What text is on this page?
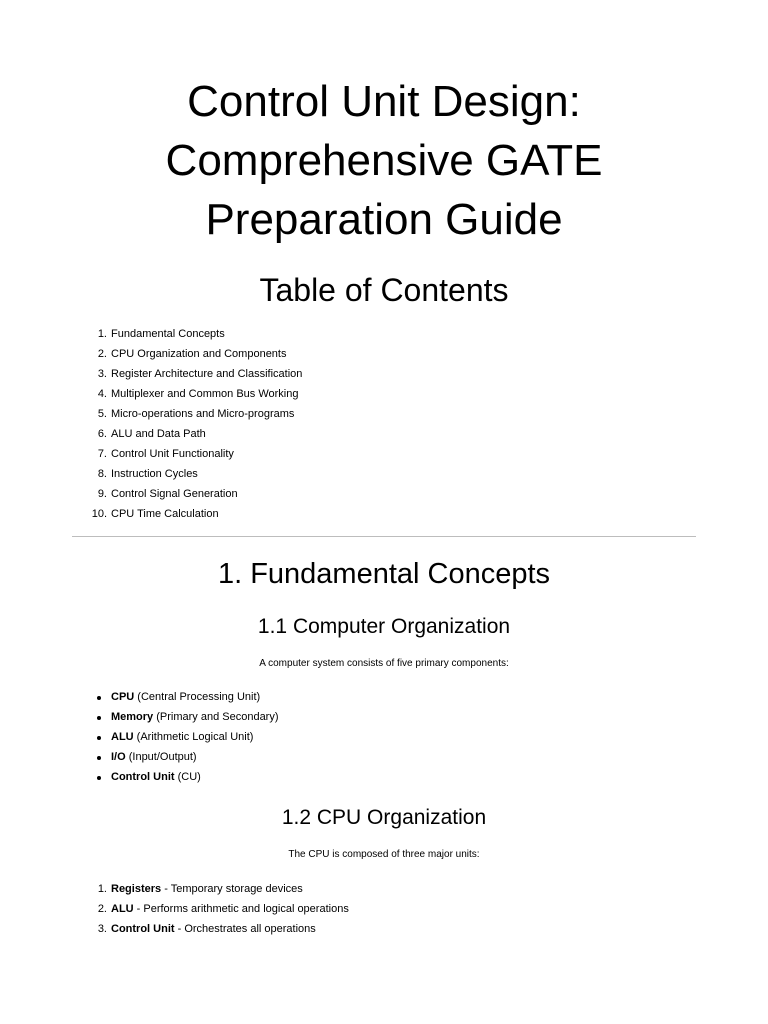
Control Unit Design:
Comprehensive GATE
Preparation Guide
Table of Contents
1. Fundamental Concepts
2. CPU Organization and Components
3. Register Architecture and Classification
4. Multiplexer and Common Bus Working
5. Micro-operations and Micro-programs
6. ALU and Data Path
7. Control Unit Functionality
8. Instruction Cycles
9. Control Signal Generation
10. CPU Time Calculation
1. Fundamental Concepts
1.1 Computer Organization

A computer system consists of five primary components:

CPU (Central Processing Unit)
Memory (Primary and Secondary)
ALU (Arithmetic Logical Unit)
I/O (Input/Output)
Control Unit (CU)
1.2 CPU Organization

The CPU is composed of three major units:

1. Registers - Temporary storage devices
2. ALU - Performs arithmetic and logical operations
3. Control Unit - Orchestrates all operations
